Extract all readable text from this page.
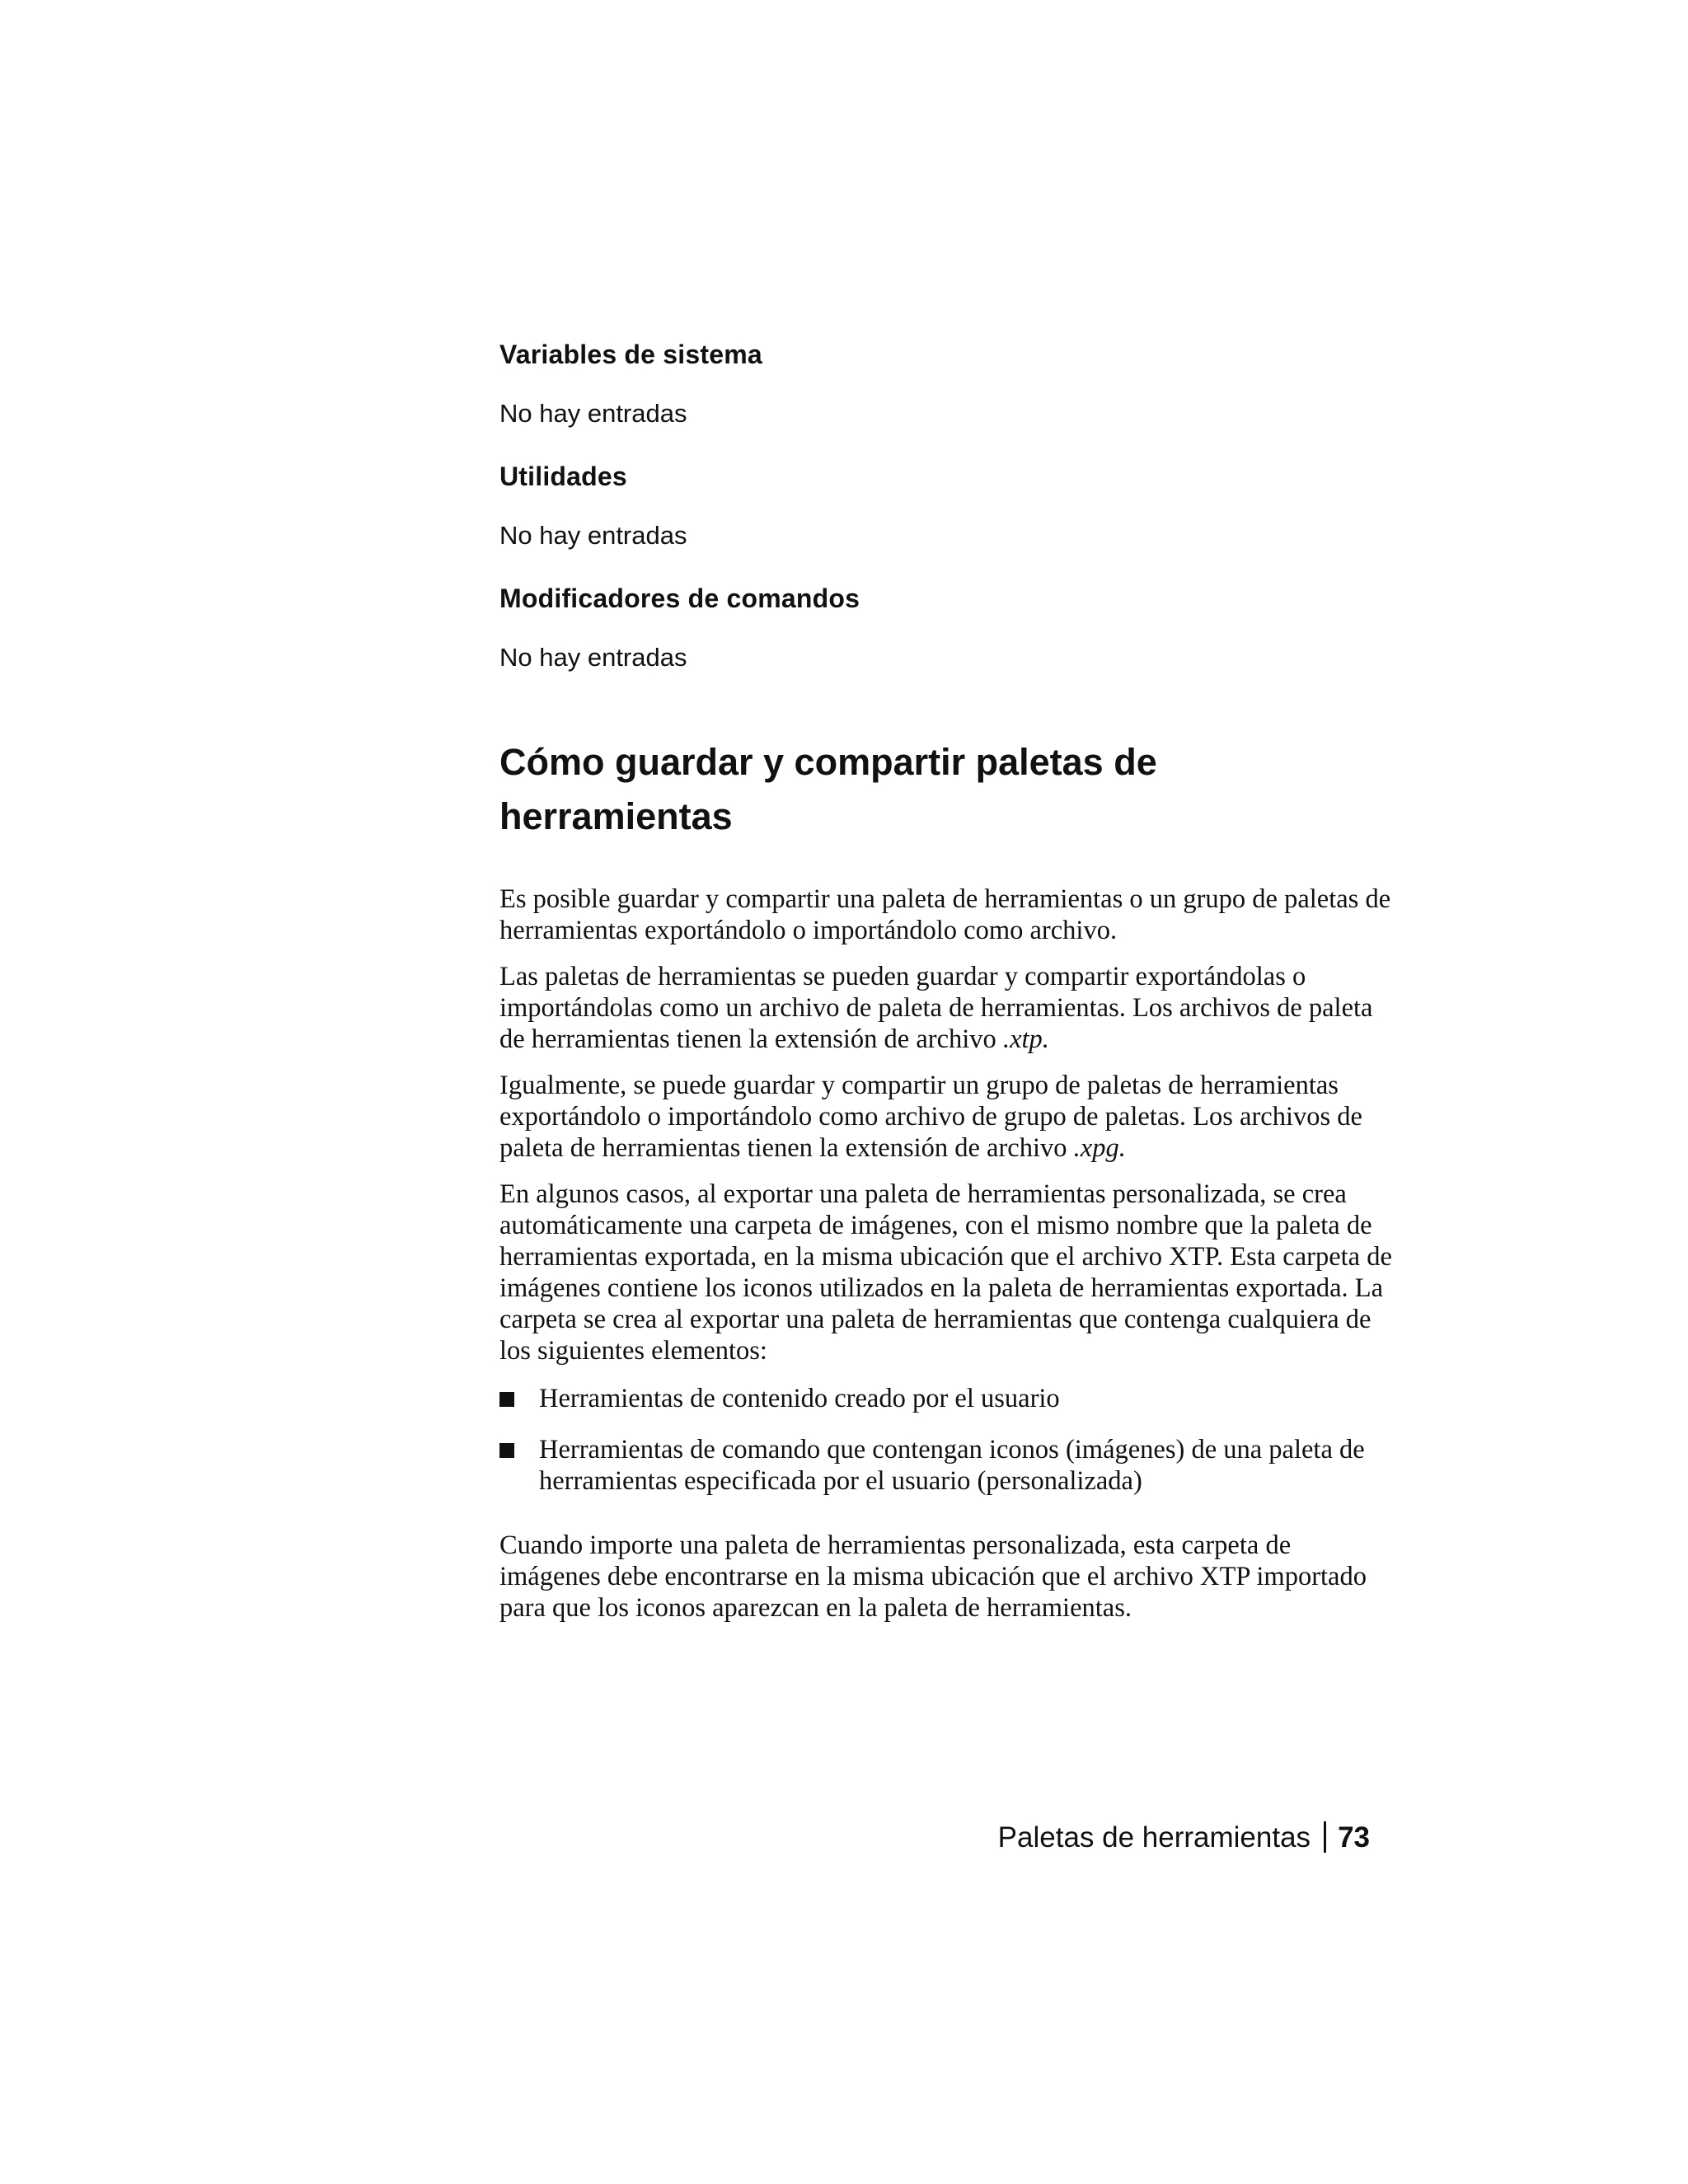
Variables de sistema

No hay entradas

Utilidades

No hay entradas

Modificadores de comandos

No hay entradas

Cómo guardar y compartir paletas de herramientas

Es posible guardar y compartir una paleta de herramientas o un grupo de paletas de herramientas exportándolo o importándolo como archivo.

Las paletas de herramientas se pueden guardar y compartir exportándolas o importándolas como un archivo de paleta de herramientas. Los archivos de paleta de herramientas tienen la extensión de archivo .xtp.

Igualmente, se puede guardar y compartir un grupo de paletas de herramientas exportándolo o importándolo como archivo de grupo de paletas. Los archivos de paleta de herramientas tienen la extensión de archivo .xpg.

En algunos casos, al exportar una paleta de herramientas personalizada, se crea automáticamente una carpeta de imágenes, con el mismo nombre que la paleta de herramientas exportada, en la misma ubicación que el archivo XTP. Esta carpeta de imágenes contiene los iconos utilizados en la paleta de herramientas exportada. La carpeta se crea al exportar una paleta de herramientas que contenga cualquiera de los siguientes elementos:

Herramientas de contenido creado por el usuario
Herramientas de comando que contengan iconos (imágenes) de una paleta de herramientas especificada por el usuario (personalizada)

Cuando importe una paleta de herramientas personalizada, esta carpeta de imágenes debe encontrarse en la misma ubicación que el archivo XTP importado para que los iconos aparezcan en la paleta de herramientas.

Paletas de herramientas 73
